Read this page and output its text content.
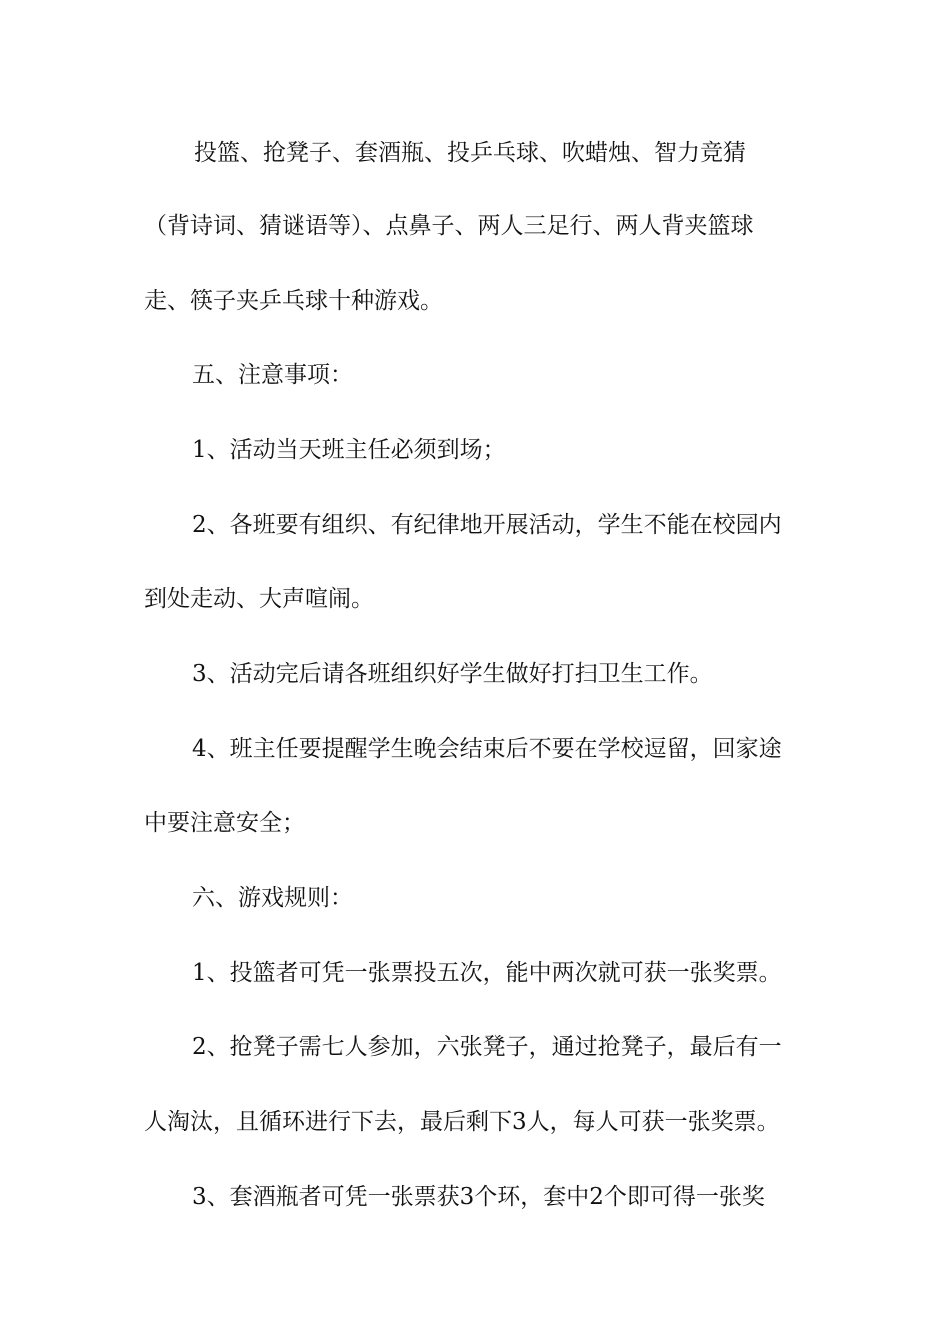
投篮、抢凳子、套酒瓶、投乒乓球、吹蜡烛、智力竞猜
（背诗词、猜谜语等）、点鼻子、两人三足行、两人背夹篮球
走、筷子夹乒乓球十种游戏。
五、注意事项：
1、活动当天班主任必须到场；
2、各班要有组织、有纪律地开展活动，学生不能在校园内
到处走动、大声喧闹。
3、活动完后请各班组织好学生做好打扫卫生工作。
4、班主任要提醒学生晚会结束后不要在学校逗留，回家途
中要注意安全；
六、游戏规则：
1、投篮者可凭一张票投五次，能中两次就可获一张奖票。
2、抢凳子需七人参加，六张凳子，通过抢凳子，最后有一
人淘汰，且循环进行下去，最后剩下3人，每人可获一张奖票。
3、套酒瓶者可凭一张票获3个环，套中2个即可得一张奖
